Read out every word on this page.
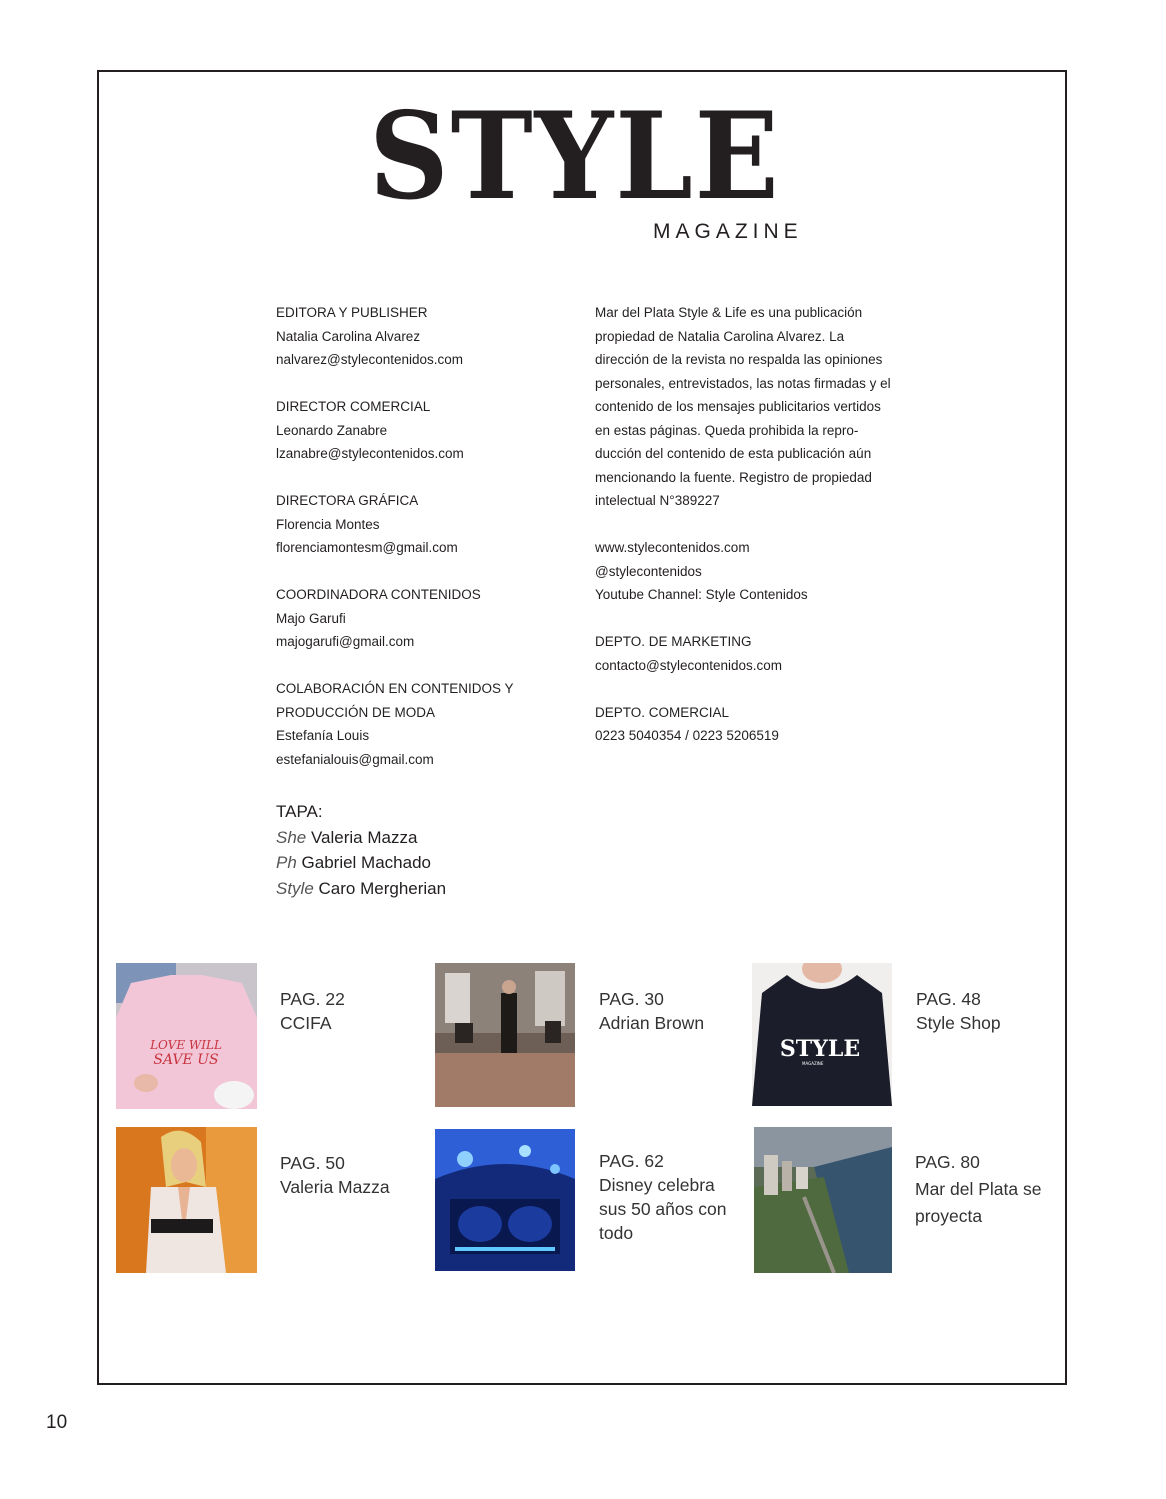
STYLE
MAGAZINE

EDITORA Y PUBLISHER

Natalia Carolina Alvarez

nalvarez@stylecontenidos.com

DIRECTOR COMERCIAL

Leonardo Zanabre

lzanabre@stylecontenidos.com

DIRECTORA GRÁFICA

Florencia Montes

florenciamontesm@gmail.com

COORDINADORA CONTENIDOS

Majo Garufi

majogarufi@gmail.com

COLABORACIÓN EN CONTENIDOS Y

PRODUCCIÓN DE MODA

Estefanía Louis

estefanialouis@gmail.com

Mar del Plata Style & Life es una publicación

propiedad de Natalia Carolina Alvarez. La

dirección de la revista no respalda las opiniones

personales, entrevistados, las notas firmadas y el

contenido de los mensajes publicitarios vertidos

en estas páginas. Queda prohibida la repro-

ducción del contenido de esta publicación aún

mencionando la fuente. Registro de propiedad

intelectual N°389227

www.stylecontenidos.com

@stylecontenidos

Youtube Channel: Style Contenidos

DEPTO. DE MARKETING

contacto@stylecontenidos.com

DEPTO. COMERCIAL

0223 5040354 / 0223 5206519

TAPA:
She Valeria Mazza
Ph Gabriel Machado
Style Caro Mergherian
LOVE WILL
SAVE US
PAG. 22
CCIFA
PAG. 30
Adrian Brown
STYLE
MAGAZINE
PAG. 48
Style Shop
PAG. 50
Valeria Mazza
PAG. 62
Disney celebra
sus 50 años con
todo
PAG. 80
Mar del Plata se
proyecta
10
